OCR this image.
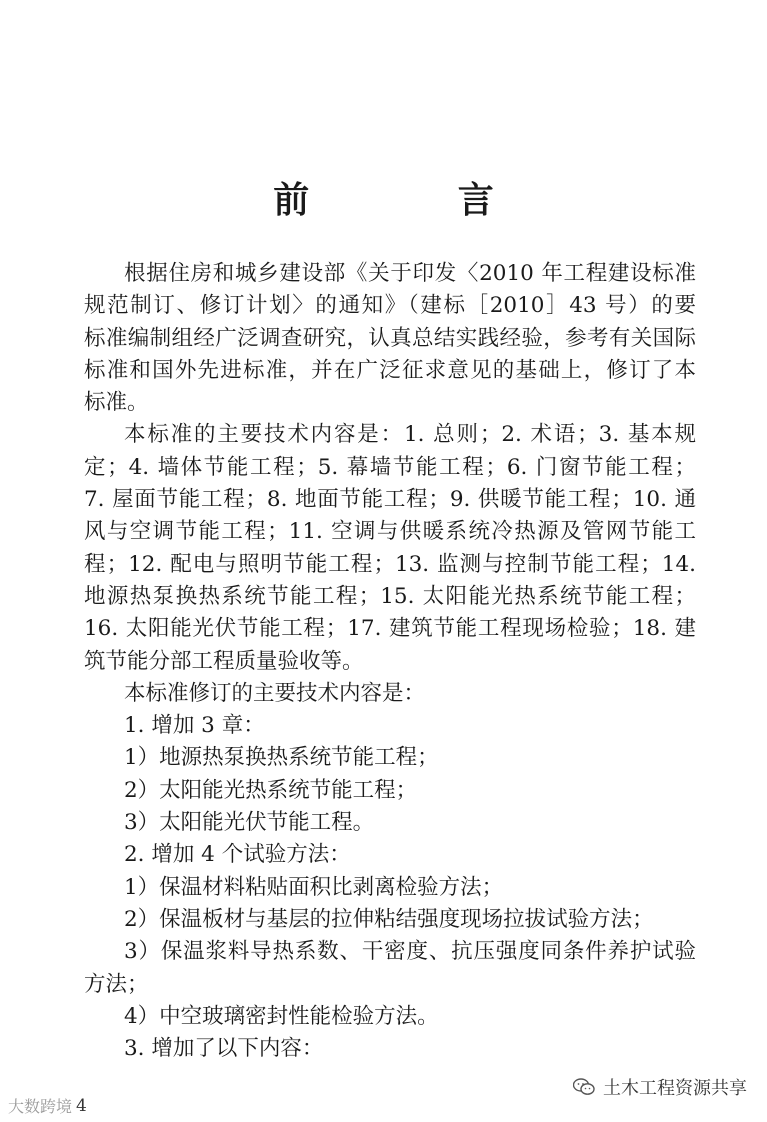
前 言
根据住房和城乡建设部《关于印发〈2010 年工程建设标准
规范制订、修订计划〉的通知》（建标［2010］43 号）的要
标准编制组经广泛调查研究，认真总结实践经验，参考有关国际
标准和国外先进标准，并在广泛征求意见的基础上，修订了本
标准。
本标准的主要技术内容是：1. 总则；2. 术语；3. 基本规
定；4. 墙体节能工程；5. 幕墙节能工程；6. 门窗节能工程；
7. 屋面节能工程；8. 地面节能工程；9. 供暖节能工程；10. 通
风与空调节能工程；11. 空调与供暖系统冷热源及管网节能工
程；12. 配电与照明节能工程；13. 监测与控制节能工程；14.
地源热泵换热系统节能工程；15. 太阳能光热系统节能工程；
16. 太阳能光伏节能工程；17. 建筑节能工程现场检验；18. 建
筑节能分部工程质量验收等。
本标准修订的主要技术内容是：
1. 增加 3 章：
1）地源热泵换热系统节能工程；
2）太阳能光热系统节能工程；
3）太阳能光伏节能工程。
2. 增加 4 个试验方法：
1）保温材料粘贴面积比剥离检验方法；
2）保温板材与基层的拉伸粘结强度现场拉拔试验方法；
3）保温浆料导热系数、干密度、抗压强度同条件养护试验
方法；
4）中空玻璃密封性能检验方法。
3. 增加了以下内容：
大数跨境 4
土木工程资源共享
